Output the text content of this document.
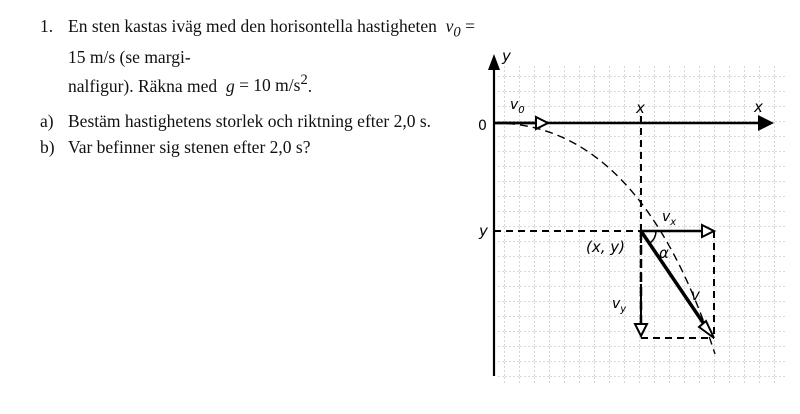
1. En sten kastas iväg med den horisontella hastigheten $v_0 = 15$ m/s (se margi-
nalfigur). Räkna med g = 10 $m/s^2$.
a) Bestäm hastighetens storlek och riktning efter 2,0 s.
b) Var befinner sig stenen efter 2,0 s?
y
x
0
$v_0$	x
y
(x, y)
$v_x$
$v_y$
v
α
